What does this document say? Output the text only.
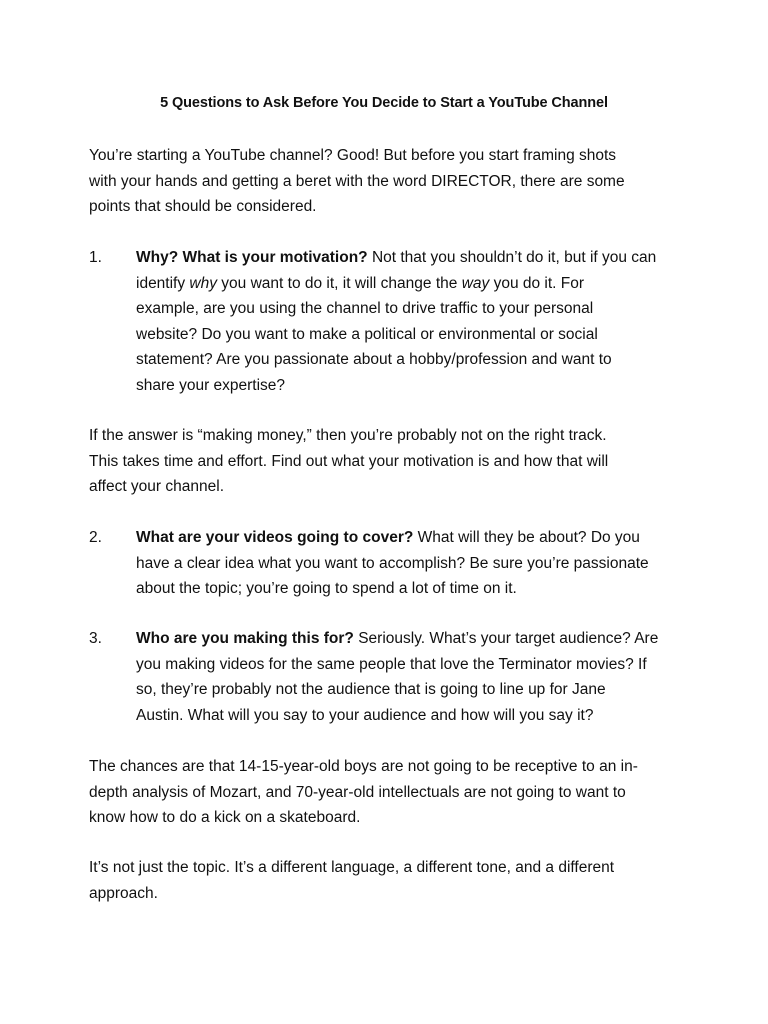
5 Questions to Ask Before You Decide to Start a YouTube Channel

You’re starting a YouTube channel? Good! But before you start framing shots
with your hands and getting a beret with the word DIRECTOR, there are some
points that should be considered.

1. Why? What is your motivation? Not that you shouldn’t do it, but if you can
identify why you want to do it, it will change the way you do it. For
example, are you using the channel to drive traffic to your personal
website? Do you want to make a political or environmental or social
statement? Are you passionate about a hobby/profession and want to
share your expertise?

If the answer is “making money,” then you’re probably not on the right track.
This takes time and effort. Find out what your motivation is and how that will
affect your channel.

2. What are your videos going to cover? What will they be about? Do you
have a clear idea what you want to accomplish? Be sure you’re passionate
about the topic; you’re going to spend a lot of time on it.
3. Who are you making this for? Seriously. What’s your target audience? Are
you making videos for the same people that love the Terminator movies? If
so, they’re probably not the audience that is going to line up for Jane
Austin. What will you say to your audience and how will you say it?

The chances are that 14-15-year-old boys are not going to be receptive to an in-
depth analysis of Mozart, and 70-year-old intellectuals are not going to want to
know how to do a kick on a skateboard.

It’s not just the topic. It’s a different language, a different tone, and a different
approach.
